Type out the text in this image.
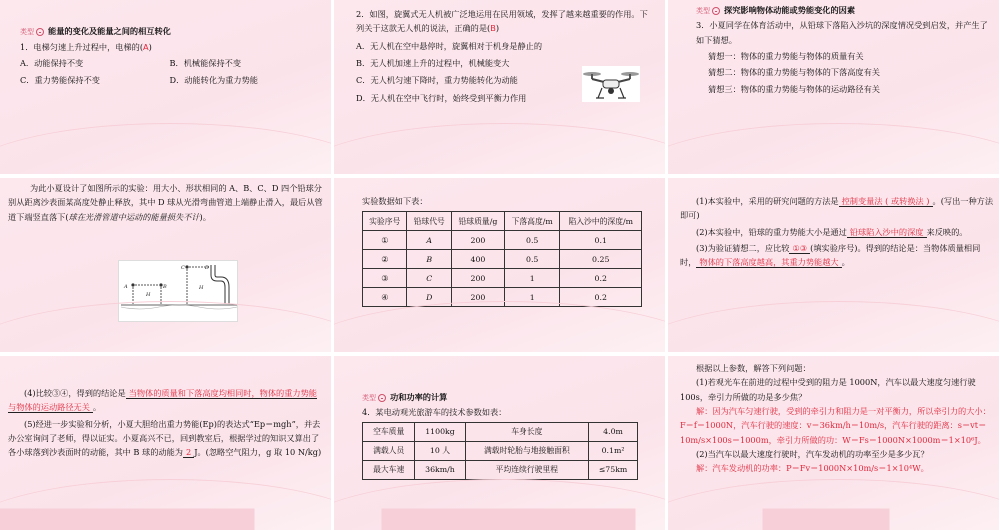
类型 能量的变化及能量之间的相互转化
1．电梯匀速上升过程中，电梯的(A)
A．动能保持不变	B．机械能保持不变
C．重力势能保持不变	D．动能转化为重力势能
2．如图，旋翼式无人机被广泛地运用在民用领域，发挥了越来越重要的作用。下列关于这款无人机的说法，正确的是(B)
A．无人机在空中悬停时，旋翼相对于机身是静止的
B．无人机加速上升的过程中，机械能变大
C．无人机匀速下降时，重力势能转化为动能
D．无人机在空中飞行时，始终受到平衡力作用
类型 探究影响物体动能或势能变化的因素
3．小夏同学在体育活动中，从铅球下落陷入沙坑的深度情况受到启发，并产生了如下猜想。
猜想一：物体的重力势能与物体的质量有关
猜想二：物体的重力势能与物体的下落高度有关
猜想三：物体的重力势能与物体的运动路径有关
为此小夏设计了如图所示的实验：用大小、形状相同的 A、B、C、D 四个铅球分别从距离沙表面某高度处静止释放，其中 D 球从光滑弯曲管道上端静止滑入，最后从管道下端竖直落下(球在光滑管道中运动的能量损失不计)。
A	B
C	D
H
H
实验数据如下表：
实验序号	铅球代号	铅球质量/g	下落高度/m	陷入沙中的深度/m
①	A	200	0.5	0.1
②	B	400	0.5	0.25
③	C	200	1	0.2
④	D	200	1	0.2
(1)本实验中，采用的研究问题的方法是 控制变量法 ( 或转换法 ) 。(写出一种方法即可)
(2)本实验中，铅球的重力势能大小是通过 铅球陷入沙中的深度 来反映的。
(3)为验证猜想二，应比较 ①③ (填实验序号)。得到的结论是：当物体质量相同时， 物体的下落高度越高，其重力势能越大 。
(4)比较③④，得到的结论是 当物体的质量和下落高度均相同时，物体的重力势能与物体的运动路径无关 。
(5)经进一步实验和分析，小夏大胆给出重力势能(Ep)的表达式“Ep＝mgh”，并去办公室询问了老师，得以证实。小夏高兴不已，回到教室后，根据学过的知识又算出了各小球落到沙表面时的动能，其中 B 球的动能为 2 J。(忽略空气阻力，g 取 10 N/kg)
类型 功和功率的计算
4．某电动观光旅游车的技术参数如表：
空车质量	1100kg	车身长度	4.0m
满载人员	10 人	满载时轮胎与地接触面积	0.1m²
最大车速	36km/h	平均连续行驶里程	≤75km
根据以上参数，解答下列问题：
(1)若观光车在前进的过程中受到的阻力是 1000N，汽车以最大速度匀速行驶 100s，牵引力所做的功是多少焦？
解：因为汽车匀速行驶，受到的牵引力和阻力是一对平衡力，所以牵引力的大小：F＝f＝1000N，汽车行驶的速度：v＝36km/h＝10m/s，汽车行驶的距离：s＝vt＝10m/s×100s＝1000m，牵引力所做的功：W＝Fs＝1000N×1000m＝1×10⁶J。
(2)当汽车以最大速度行驶时，汽车发动机的功率至少是多少瓦？
解：汽车发动机的功率：P＝Fv＝1000N×10m/s＝1×10⁴W。
